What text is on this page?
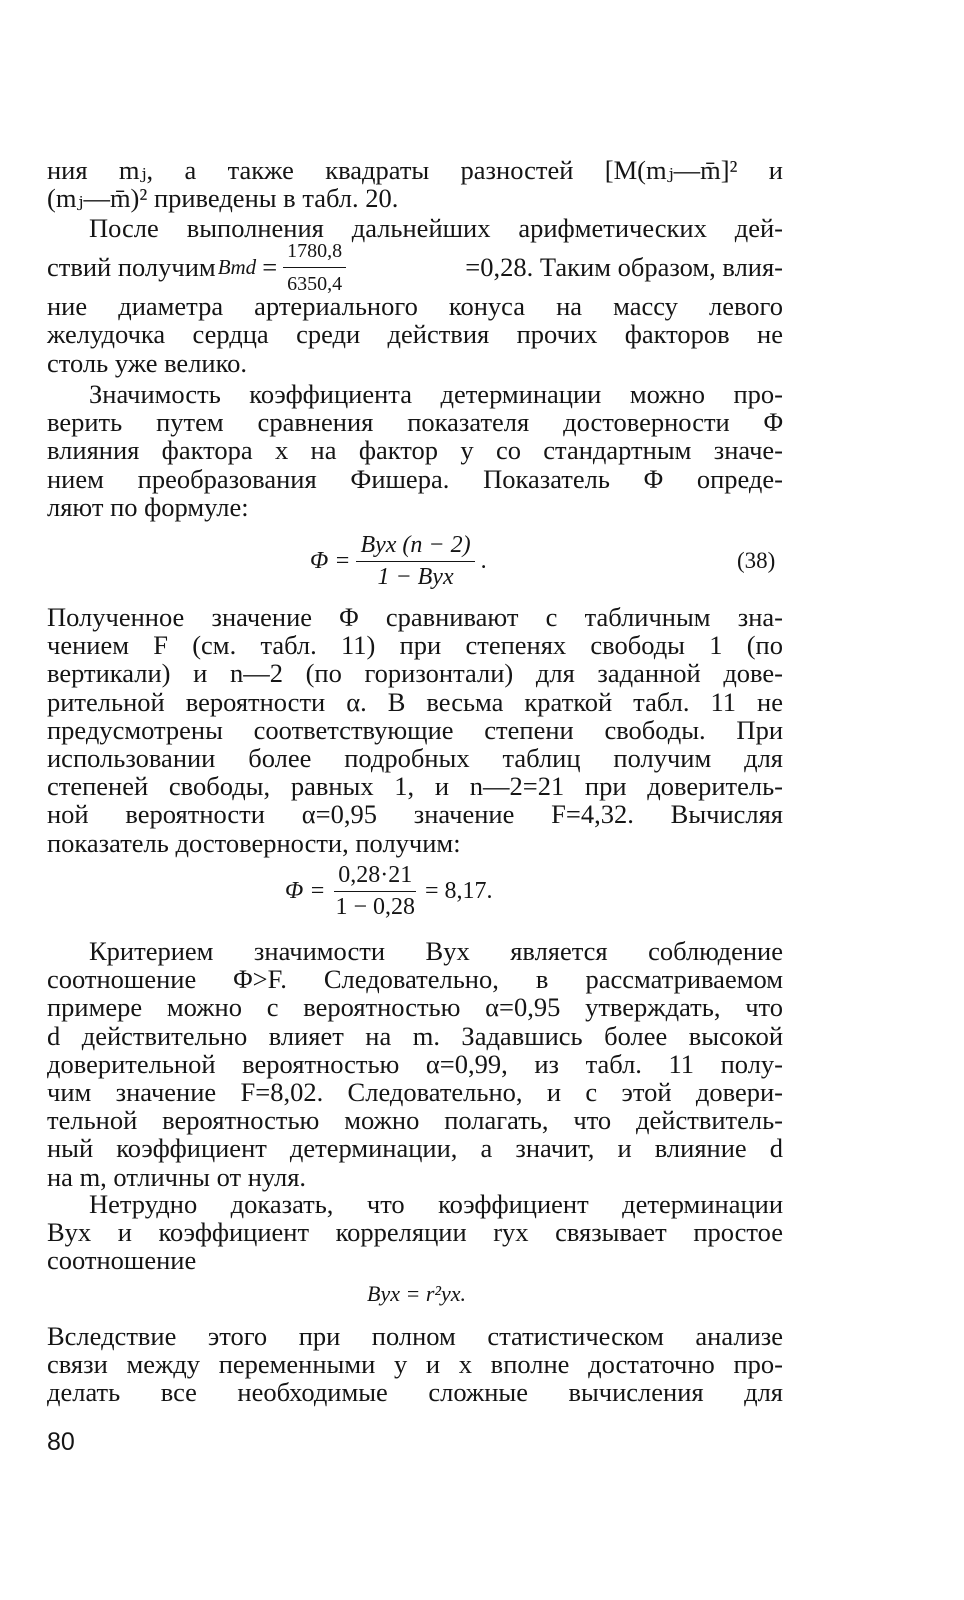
ния mⱼ, а также квадраты разностей [M(mⱼ—m̄]² и
(mⱼ—m̄)² приведены в табл. 20.
После выполнения дальнейших арифметических дей-
ствий получим Bmd = $\frac{1780,8}{6350,4}$	=0,28. Таким образом, влия-
ние диаметра артериального конуса на массу левого
желудочка сердца среди действия прочих факторов не
столь уже велико.
Значимость коэффициента детерминации можно про-
верить путем сравнения показателя достоверности Φ
влияния фактора x на фактор y со стандартным значе-
нием преобразования Фишера. Показатель Φ опреде-
ляют по формуле:
$\Phi = \frac{\text{Byx (n − 2)}}{\text{1 − Byx}}$ .	(38)
Полученное значение Φ сравнивают с табличным зна-
чением F (см. табл. 11) при степенях свободы 1 (по
вертикали) и n—2 (по горизонтали) для заданной дове-
рительной вероятности α. В весьма краткой табл. 11 не
предусмотрены соответствующие степени свободы. При
использовании более подробных таблиц получим для
степеней свободы, равных 1, и n—2=21 при доверитель-
ной вероятности α=0,95 значение F=4,32. Вычисляя
показатель достоверности, получим:
$\Phi = \frac{0,28\cdot 21}{1 - 0,28} = 8,17$.
Критерием значимости Byx является соблюдение
соотношение Φ>F. Следовательно, в рассматриваемом
примере можно с вероятностью α=0,95 утверждать, что
d действительно влияет на m. Задавшись более высокой
доверительной вероятностью α=0,99, из табл. 11 полу-
чим значение F=8,02. Следовательно, и с этой довери-
тельной вероятностью можно полагать, что действитель-
ный коэффициент детерминации, а значит, и влияние d
на m, отличны от нуля.
Нетрудно доказать, что коэффициент детерминации
Byx и коэффициент корреляции ryx связывает простое
соотношение
Byx = r²yx.
Вследствие этого при полном статистическом анализе
связи между переменными y и x вполне достаточно про-
делать все необходимые сложные вычисления для
80
